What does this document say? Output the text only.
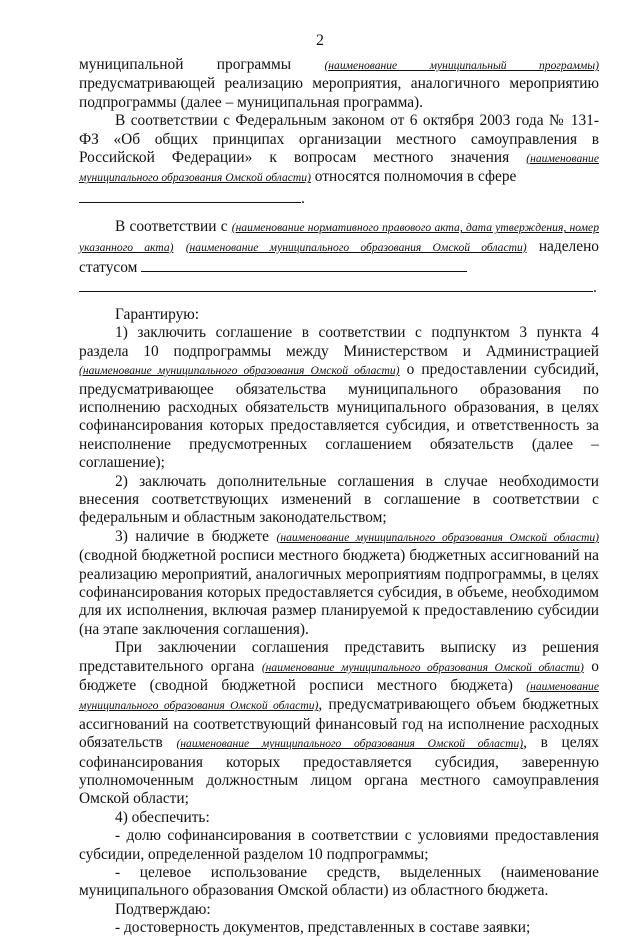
2

муниципальной программы (наименование муниципальный программы) предусматривающей реализацию мероприятия, аналогичного мероприятию подпрограммы (далее – муниципальная программа).

В соответствии с Федеральным законом от 6 октября 2003 года № 131-ФЗ «Об общих принципах организации местного самоуправления в Российской Федерации» к вопросам местного значения (наименование муниципального образования Омской области) относятся полномочия в сфере
.

В соответствии с (наименование нормативного правового акта, дата утверждения, номер указанного акта) (наименование муниципального образования Омской области) наделено статусом
.

Гарантирую:

1) заключить соглашение в соответствии с подпунктом 3 пункта 4 раздела 10 подпрограммы между Министерством и Администрацией (наименование муниципального образования Омской области) о предоставлении субсидий, предусматривающее обязательства муниципального образования по исполнению расходных обязательств муниципального образования, в целях софинансирования которых предоставляется субсидия, и ответственность за неисполнение предусмотренных соглашением обязательств (далее – соглашение);

2) заключать дополнительные соглашения в случае необходимости внесения соответствующих изменений в соглашение в соответствии с федеральным и областным законодательством;

3) наличие в бюджете (наименование муниципального образования Омской области) (сводной бюджетной росписи местного бюджета) бюджетных ассигнований на реализацию мероприятий, аналогичных мероприятиям подпрограммы, в целях софинансирования которых предоставляется субсидия, в объеме, необходимом для их исполнения, включая размер планируемой к предоставлению субсидии (на этапе заключения соглашения).

При заключении соглашения представить выписку из решения представительного органа (наименование муниципального образования Омской области) о бюджете (сводной бюджетной росписи местного бюджета) (наименование муниципального образования Омской области), предусматривающего объем бюджетных ассигнований на соответствующий финансовый год на исполнение расходных обязательств (наименование муниципального образования Омской области), в целях софинансирования которых предоставляется субсидия, заверенную уполномоченным должностным лицом органа местного самоуправления Омской области;

4) обеспечить:

- долю софинансирования в соответствии с условиями предоставления субсидии, определенной разделом 10 подпрограммы;

- целевое использование средств, выделенных (наименование муниципального образования Омской области) из областного бюджета.

Подтверждаю:

- достоверность документов, представленных в составе заявки;
